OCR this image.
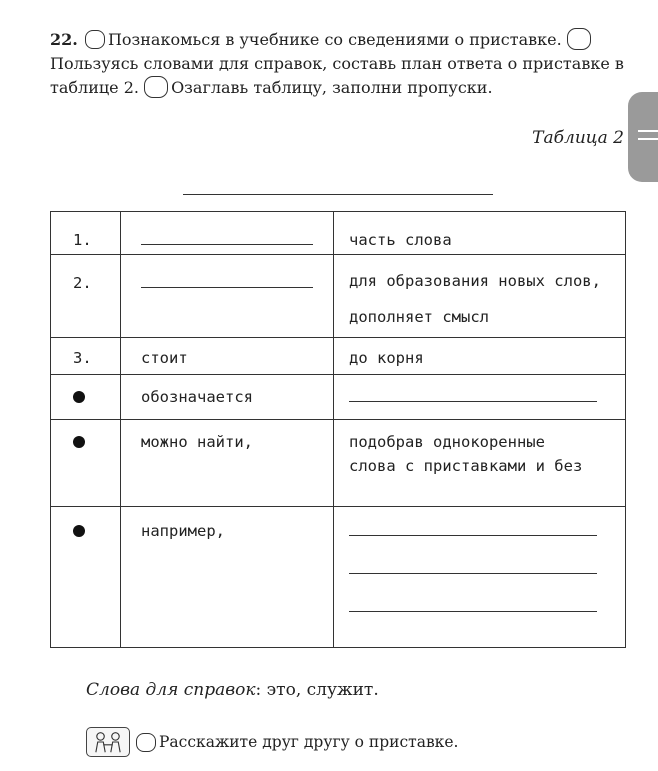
22. Познакомься в учебнике со сведениями о приставке. Пользуясь словами для справок, составь план ответа о приставке в таблице 2. Озаглавь таблицу, заполни пропуски.
Таблица 2
1.		часть слова
2.		для образования новых слов, дополняет смысл
3.	стоит	до корня
	обозначается	
	можно найти,	подобрав однокоренные слова с приставками и без
	например,	
Слова для справок: это, служит.
Расскажите друг другу о приставке.
